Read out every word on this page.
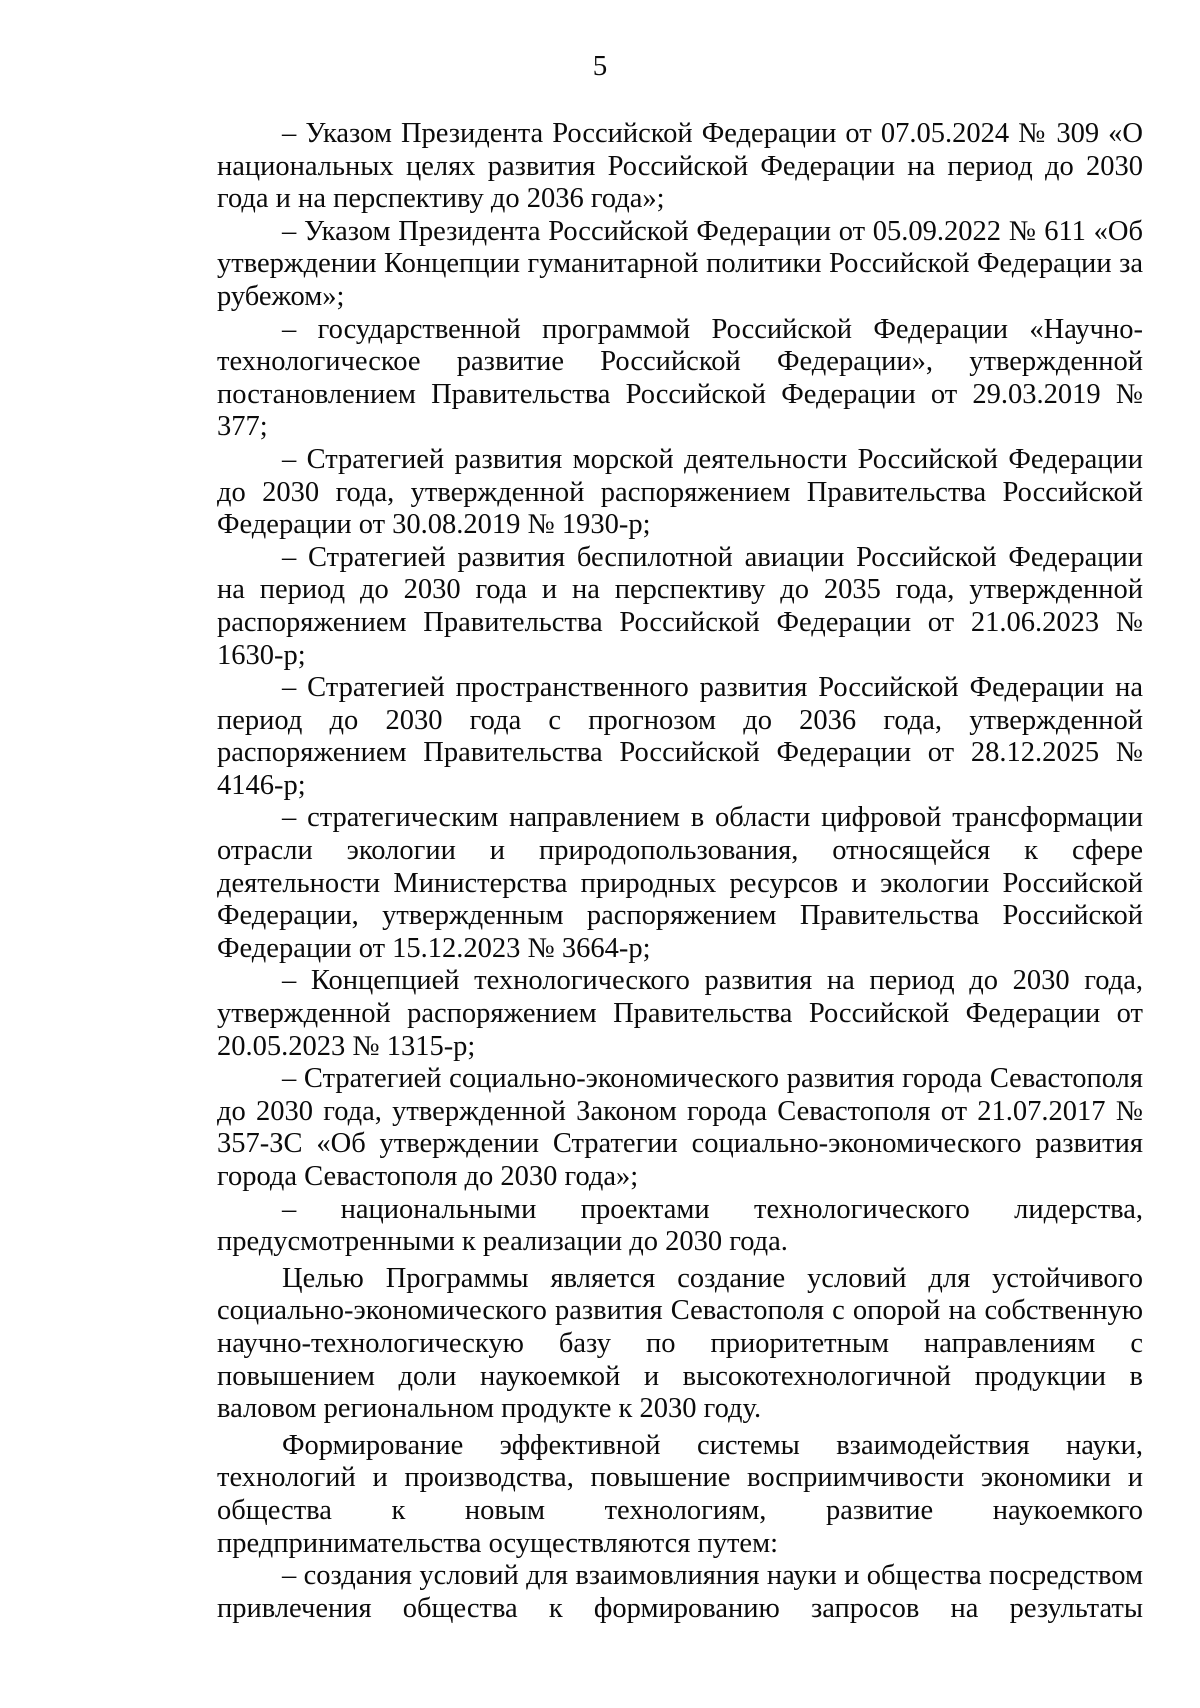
5

– Указом Президента Российской Федерации от 07.05.2024 № 309 «О национальных целях развития Российской Федерации на период до 2030 года и на перспективу до 2036 года»;

– Указом Президента Российской Федерации от 05.09.2022 № 611 «Об утверждении Концепции гуманитарной политики Российской Федерации за рубежом»;

– государственной программой Российской Федерации «Научно-технологическое развитие Российской Федерации», утвержденной постановлением Правительства Российской Федерации от 29.03.2019 № 377;

– Стратегией развития морской деятельности Российской Федерации до 2030 года, утвержденной распоряжением Правительства Российской Федерации от 30.08.2019 № 1930-р;

– Стратегией развития беспилотной авиации Российской Федерации на период до 2030 года и на перспективу до 2035 года, утвержденной распоряжением Правительства Российской Федерации от 21.06.2023 № 1630-р;

– Стратегией пространственного развития Российской Федерации на период до 2030 года с прогнозом до 2036 года, утвержденной распоряжением Правительства Российской Федерации от 28.12.2025 № 4146-р;

– стратегическим направлением в области цифровой трансформации отрасли экологии и природопользования, относящейся к сфере деятельности Министерства природных ресурсов и экологии Российской Федерации, утвержденным распоряжением Правительства Российской Федерации от 15.12.2023 № 3664-р;

– Концепцией технологического развития на период до 2030 года, утвержденной распоряжением Правительства Российской Федерации от 20.05.2023 № 1315-р;

– Стратегией социально-экономического развития города Севастополя до 2030 года, утвержденной Законом города Севастополя от 21.07.2017 № 357-ЗС «Об утверждении Стратегии социально-экономического развития города Севастополя до 2030 года»;

– национальными проектами технологического лидерства, предусмотренными к реализации до 2030 года.

Целью Программы является создание условий для устойчивого социально-экономического развития Севастополя с опорой на собственную научно-технологическую базу по приоритетным направлениям с повышением доли наукоемкой и высокотехнологичной продукции в валовом региональном продукте к 2030 году.

Формирование эффективной системы взаимодействия науки, технологий и производства, повышение восприимчивости экономики и общества к новым технологиям, развитие наукоемкого предпринимательства осуществляются путем:

– создания условий для взаимовлияния науки и общества посредством привлечения общества к формированию запросов на результаты
